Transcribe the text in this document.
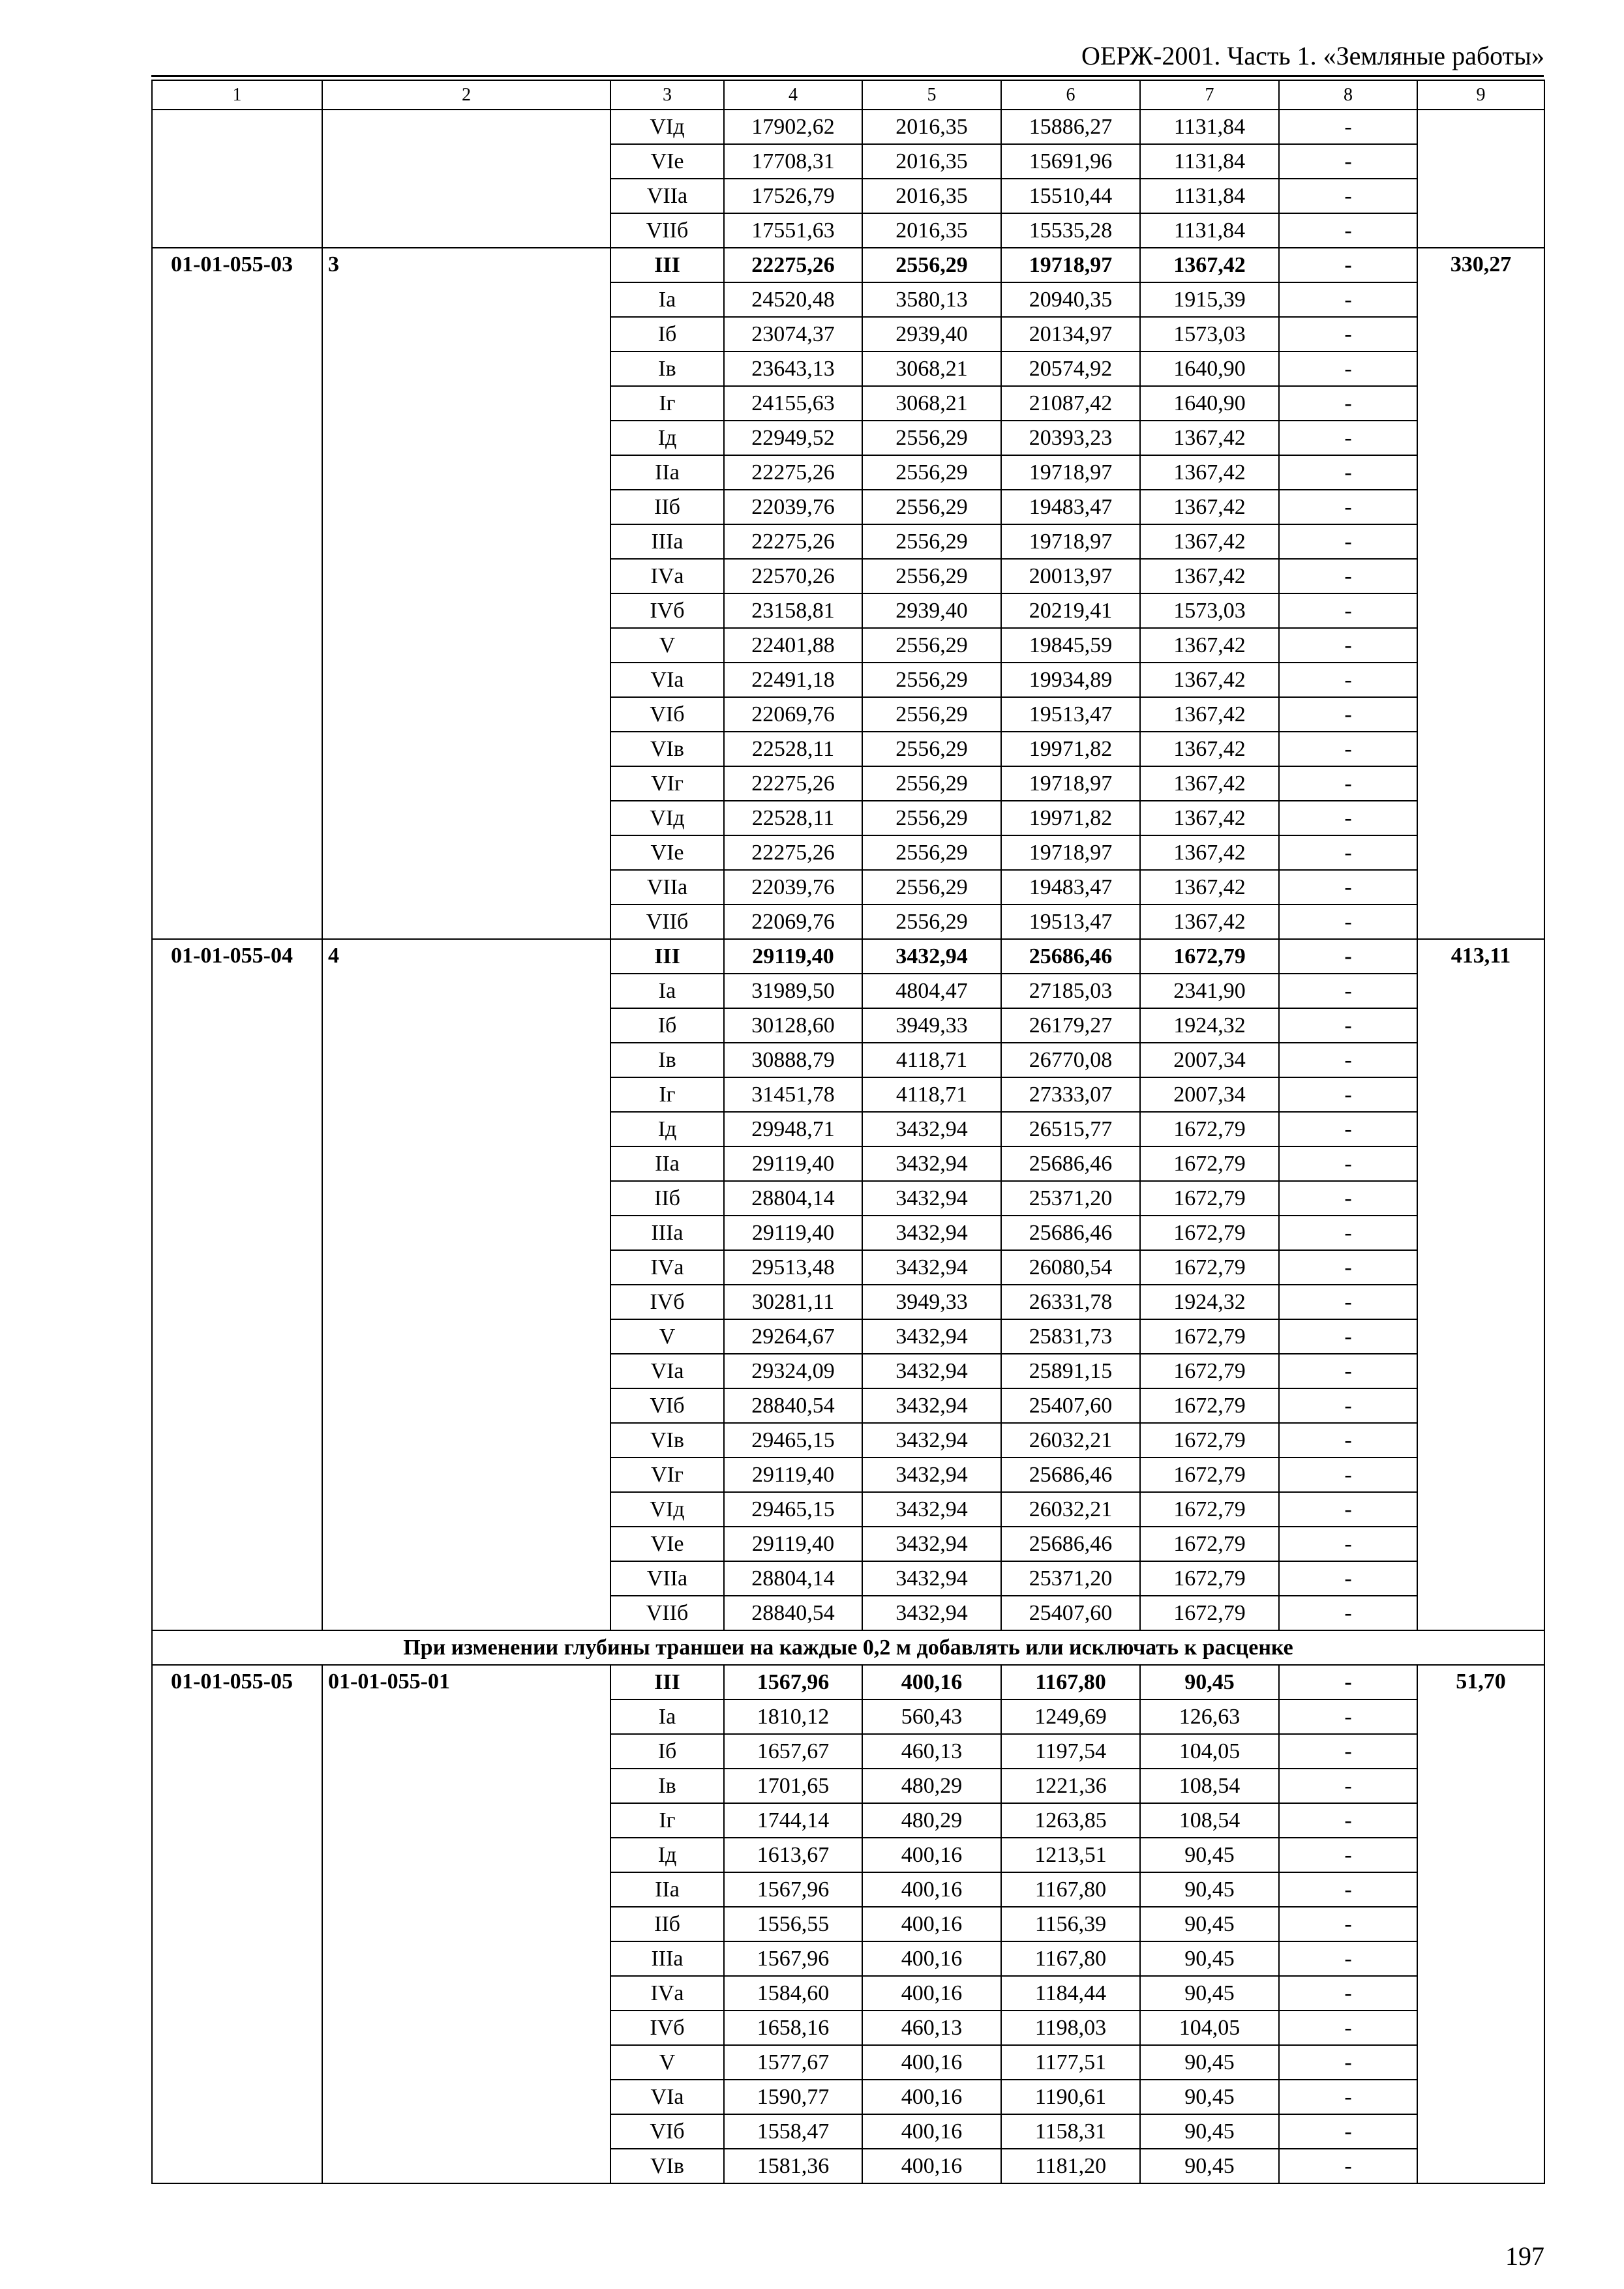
ОЕРЖ-2001. Часть 1. «Земляные работы»
1	2	3	4	5	6	7	8	9
		VIд	17902,62	2016,35	15886,27	1131,84	-	
		VIе	17708,31	2016,35	15691,96	1131,84	-	
		VIIа	17526,79	2016,35	15510,44	1131,84	-	
		VIIб	17551,63	2016,35	15535,28	1131,84	-	
01-01-055-03	3	III	22275,26	2556,29	19718,97	1367,42	-	330,27
		Iа	24520,48	3580,13	20940,35	1915,39	-	
		Iб	23074,37	2939,40	20134,97	1573,03	-	
		Iв	23643,13	3068,21	20574,92	1640,90	-	
		Iг	24155,63	3068,21	21087,42	1640,90	-	
		Iд	22949,52	2556,29	20393,23	1367,42	-	
		IIа	22275,26	2556,29	19718,97	1367,42	-	
		IIб	22039,76	2556,29	19483,47	1367,42	-	
		IIIа	22275,26	2556,29	19718,97	1367,42	-	
		IVа	22570,26	2556,29	20013,97	1367,42	-	
		IVб	23158,81	2939,40	20219,41	1573,03	-	
		V	22401,88	2556,29	19845,59	1367,42	-	
		VIа	22491,18	2556,29	19934,89	1367,42	-	
		VIб	22069,76	2556,29	19513,47	1367,42	-	
		VIв	22528,11	2556,29	19971,82	1367,42	-	
		VIг	22275,26	2556,29	19718,97	1367,42	-	
		VIд	22528,11	2556,29	19971,82	1367,42	-	
		VIе	22275,26	2556,29	19718,97	1367,42	-	
		VIIа	22039,76	2556,29	19483,47	1367,42	-	
		VIIб	22069,76	2556,29	19513,47	1367,42	-	
01-01-055-04	4	III	29119,40	3432,94	25686,46	1672,79	-	413,11
		Iа	31989,50	4804,47	27185,03	2341,90	-	
		Iб	30128,60	3949,33	26179,27	1924,32	-	
		Iв	30888,79	4118,71	26770,08	2007,34	-	
		Iг	31451,78	4118,71	27333,07	2007,34	-	
		Iд	29948,71	3432,94	26515,77	1672,79	-	
		IIа	29119,40	3432,94	25686,46	1672,79	-	
		IIб	28804,14	3432,94	25371,20	1672,79	-	
		IIIа	29119,40	3432,94	25686,46	1672,79	-	
		IVа	29513,48	3432,94	26080,54	1672,79	-	
		IVб	30281,11	3949,33	26331,78	1924,32	-	
		V	29264,67	3432,94	25831,73	1672,79	-	
		VIа	29324,09	3432,94	25891,15	1672,79	-	
		VIб	28840,54	3432,94	25407,60	1672,79	-	
		VIв	29465,15	3432,94	26032,21	1672,79	-	
		VIг	29119,40	3432,94	25686,46	1672,79	-	
		VIд	29465,15	3432,94	26032,21	1672,79	-	
		VIе	29119,40	3432,94	25686,46	1672,79	-	
		VIIа	28804,14	3432,94	25371,20	1672,79	-	
		VIIб	28840,54	3432,94	25407,60	1672,79	-	
При изменении глубины траншеи на каждые 0,2 м добавлять или исключать к расценке								
01-01-055-05	01-01-055-01	III	1567,96	400,16	1167,80	90,45	-	51,70
		Iа	1810,12	560,43	1249,69	126,63	-	
		Iб	1657,67	460,13	1197,54	104,05	-	
		Iв	1701,65	480,29	1221,36	108,54	-	
		Iг	1744,14	480,29	1263,85	108,54	-	
		Iд	1613,67	400,16	1213,51	90,45	-	
		IIа	1567,96	400,16	1167,80	90,45	-	
		IIб	1556,55	400,16	1156,39	90,45	-	
		IIIа	1567,96	400,16	1167,80	90,45	-	
		IVа	1584,60	400,16	1184,44	90,45	-	
		IVб	1658,16	460,13	1198,03	104,05	-	
		V	1577,67	400,16	1177,51	90,45	-	
		VIа	1590,77	400,16	1190,61	90,45	-	
		VIб	1558,47	400,16	1158,31	90,45	-	
		VIв	1581,36	400,16	1181,20	90,45	-	
197
